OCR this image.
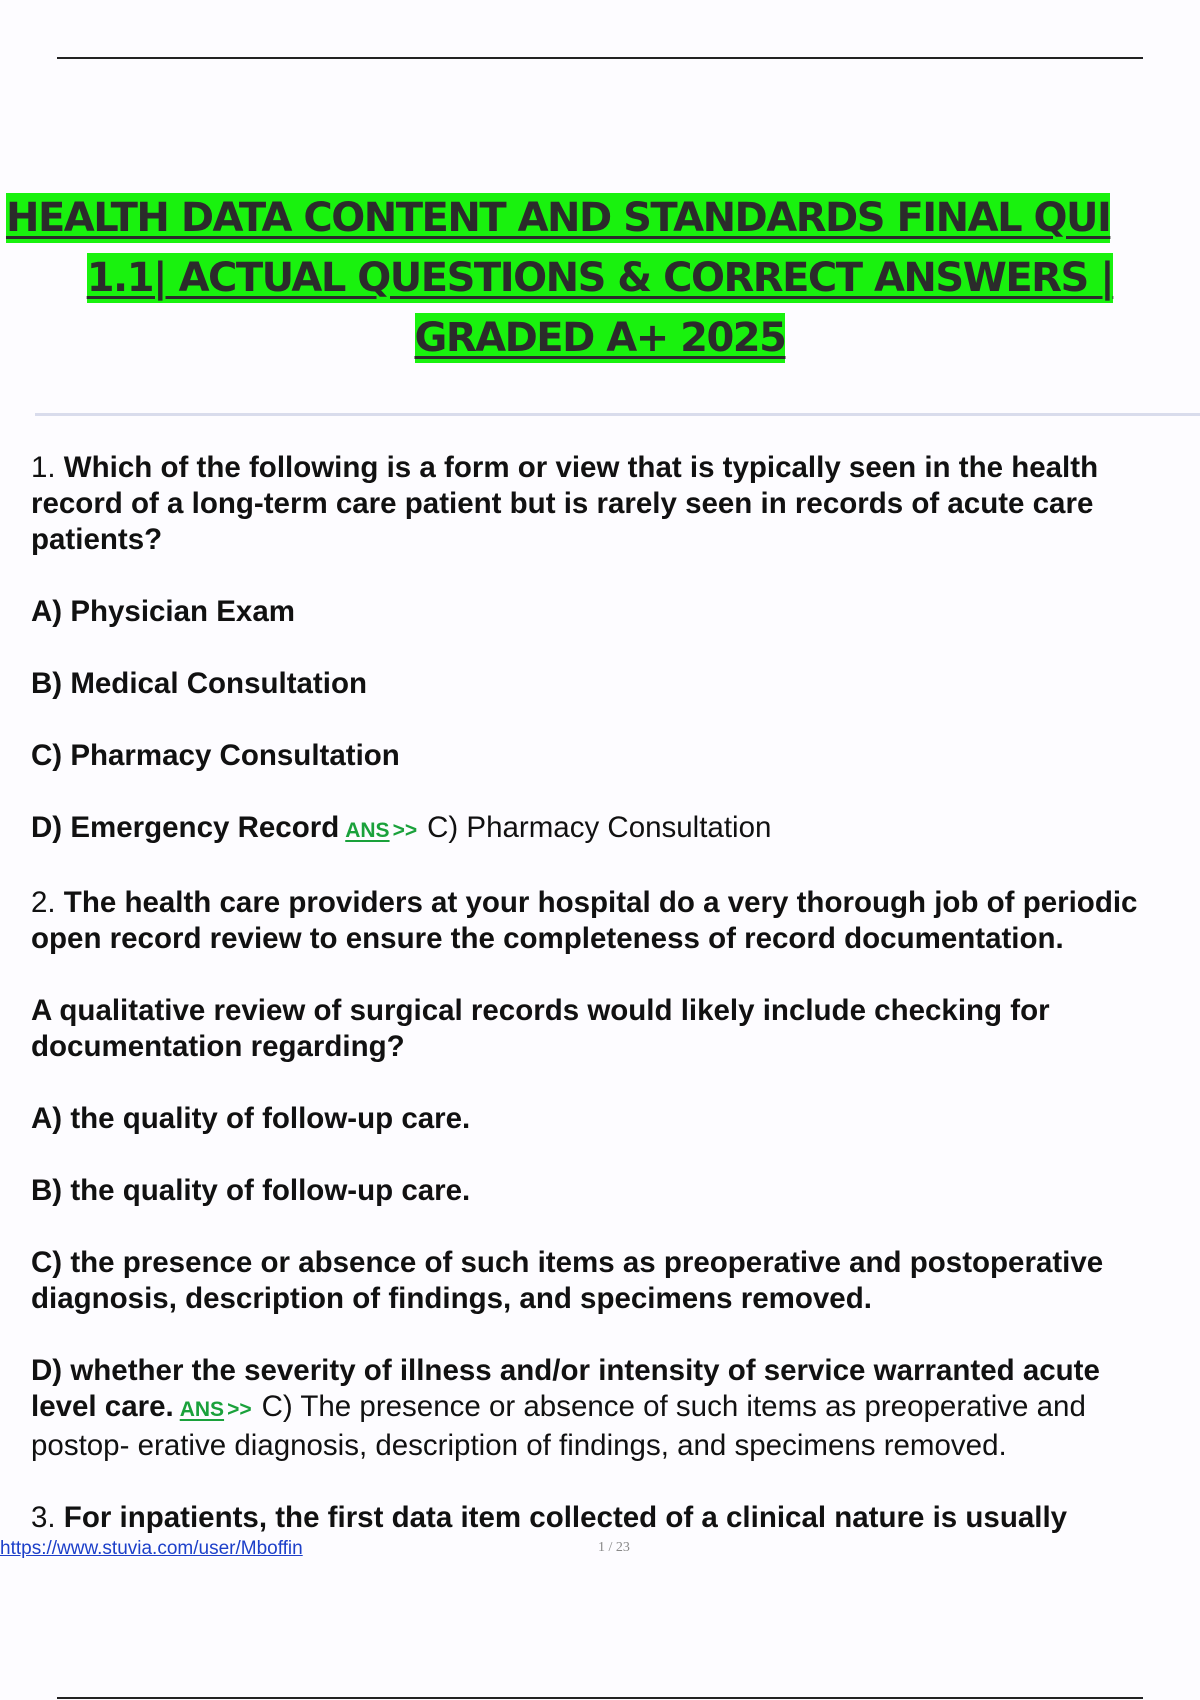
HEALTH DATA CONTENT AND STANDARDS FINAL QUI
1.1| ACTUAL QUESTIONS & CORRECT ANSWERS |
GRADED A+ 2025
1. Which of the following is a form or view that is typically seen in the health
record of a long-term care patient but is rarely seen in records of acute care
patients?
A) Physician Exam
B) Medical Consultation
C) Pharmacy Consultation
D) Emergency Record ANS >> C) Pharmacy Consultation
2. The health care providers at your hospital do a very thorough job of periodic
open record review to ensure the completeness of record documentation.
A qualitative review of surgical records would likely include checking for
documentation regarding?
A) the quality of follow-up care.
B) the quality of follow-up care.
C) the presence or absence of such items as preoperative and postoperative
diagnosis, description of findings, and specimens removed.
D) whether the severity of illness and/or intensity of service warranted acute
level care. ANS >> C) The presence or absence of such items as preoperative and
postop- erative diagnosis, description of findings, and specimens removed.
3. For inpatients, the first data item collected of a clinical nature is usually
https://www.stuvia.com/user/Mboffin	1 / 23
